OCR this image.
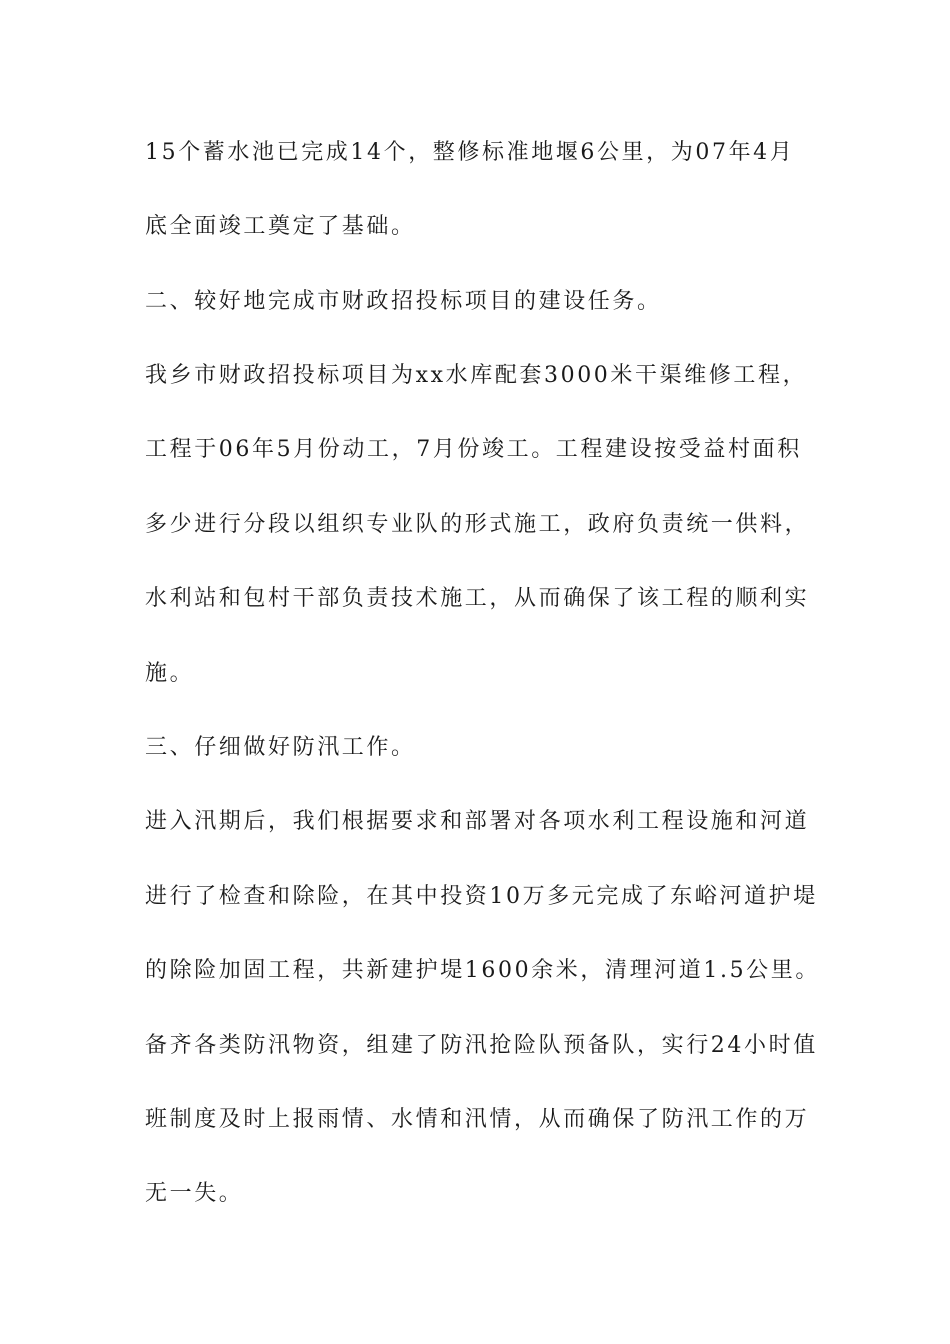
15个蓄水池已完成14个，整修标准地堰6公里，为07年4月
底全面竣工奠定了基础。
二、较好地完成市财政招投标项目的建设任务。
我乡市财政招投标项目为xx水库配套3000米干渠维修工程，
工程于06年5月份动工，7月份竣工。工程建设按受益村面积
多少进行分段以组织专业队的形式施工，政府负责统一供料，
水利站和包村干部负责技术施工，从而确保了该工程的顺利实
施。
三、仔细做好防汛工作。
进入汛期后，我们根据要求和部署对各项水利工程设施和河道
进行了检查和除险，在其中投资10万多元完成了东峪河道护堤
的除险加固工程，共新建护堤1600余米，清理河道1.5公里。
备齐各类防汛物资，组建了防汛抢险队预备队，实行24小时值
班制度及时上报雨情、水情和汛情，从而确保了防汛工作的万
无一失。
